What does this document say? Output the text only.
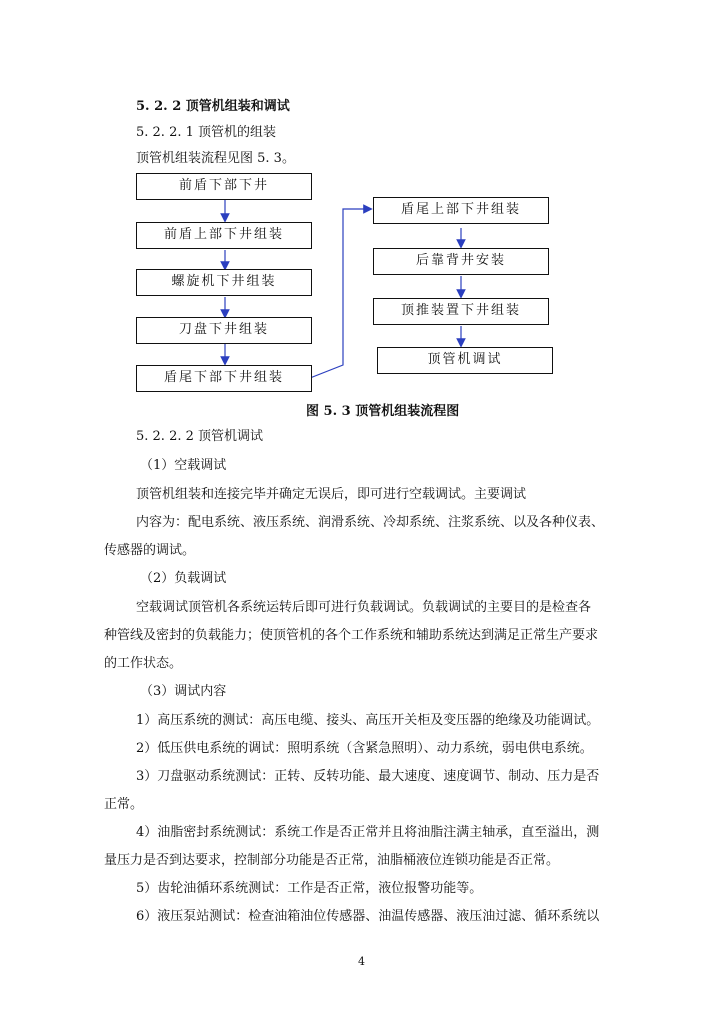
5. 2. 2 顶管机组装和调试
5. 2. 2. 1 顶管机的组装
顶管机组装流程见图 5. 3。
前盾下部下井
前盾上部下井组装
螺旋机下井组装
刀盘下井组装
盾尾下部下井组装
盾尾上部下井组装
后靠背井安装
顶推装置下井组装
顶管机调试
图 5. 3 顶管机组装流程图
5. 2. 2. 2 顶管机调试
（1）空载调试
顶管机组装和连接完毕并确定无误后，即可进行空载调试。主要调试
内容为：配电系统、液压系统、润滑系统、冷却系统、注浆系统、以及各种仪表、
传感器的调试。
（2）负载调试
空载调试顶管机各系统运转后即可进行负载调试。负载调试的主要目的是检查各
种管线及密封的负载能力；使顶管机的各个工作系统和辅助系统达到满足正常生产要求
的工作状态。
（3）调试内容
1）高压系统的测试：高压电缆、接头、高压开关柜及变压器的绝缘及功能调试。
2）低压供电系统的调试：照明系统（含紧急照明）、动力系统，弱电供电系统。
3）刀盘驱动系统测试：正转、反转功能、最大速度、速度调节、制动、压力是否
正常。
4）油脂密封系统测试：系统工作是否正常并且将油脂注满主轴承，直至溢出，测
量压力是否到达要求，控制部分功能是否正常，油脂桶液位连锁功能是否正常。
5）齿轮油循环系统测试：工作是否正常，液位报警功能等。
6）液压泵站测试：检查油箱油位传感器、油温传感器、液压油过滤、循环系统以
4
